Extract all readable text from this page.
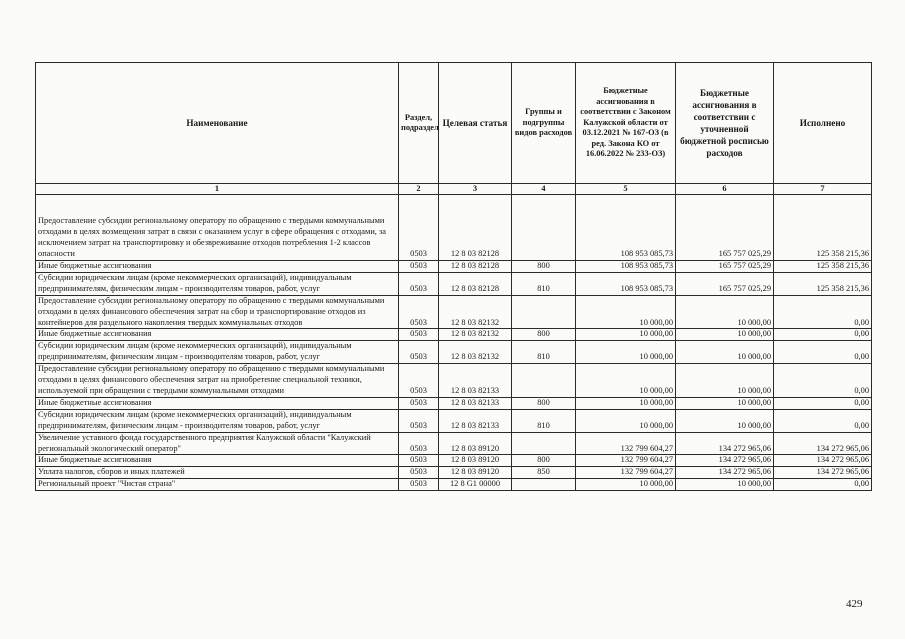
Наименование	Раздел, подраздел	Целевая статья	Группы и подгруппы видов расходов	Бюджетные ассигнования в соответствии с Законом Калужской области от 03.12.2021 № 167-ОЗ (в ред. Закона КО от 16.06.2022 № 233-ОЗ)	Бюджетные ассигнования в соответствии с уточненной бюджетной росписью расходов	Исполнено
1	2	3	4	5	6	7
Предоставление субсидии региональному оператору по обращению с твердыми коммунальными отходами в целях возмещения затрат в связи с оказанием услуг в сфере обращения с отходами, за исключением затрат на транспортировку и обезвреживание отходов потребления 1-2 классов опасности	0503	12 8 03 82128		108 953 085,73	165 757 025,29	125 358 215,36
Иные бюджетные ассигнования	0503	12 8 03 82128	800	108 953 085,73	165 757 025,29	125 358 215,36
Субсидии юридическим лицам (кроме некоммерческих организаций), индивидуальным предпринимателям, физическим лицам - производителям товаров, работ, услуг	0503	12 8 03 82128	810	108 953 085,73	165 757 025,29	125 358 215,36
Предоставление субсидии региональному оператору по обращению с твердыми коммунальными отходами в целях финансового обеспечения затрат на сбор и транспортирование отходов из контейнеров для раздельного накопления твердых коммунальных отходов	0503	12 8 03 82132		10 000,00	10 000,00	0,00
Иные бюджетные ассигнования	0503	12 8 03 82132	800	10 000,00	10 000,00	0,00
Субсидии юридическим лицам (кроме некоммерческих организаций), индивидуальным предпринимателям, физическим лицам - производителям товаров, работ, услуг	0503	12 8 03 82132	810	10 000,00	10 000,00	0,00
Предоставление субсидии региональному оператору по обращению с твердыми коммунальными отходами в целях финансового обеспечения затрат на приобретение специальной техники, используемой при обращении с твердыми коммунальными отходами	0503	12 8 03 82133		10 000,00	10 000,00	0,00
Иные бюджетные ассигнования	0503	12 8 03 82133	800	10 000,00	10 000,00	0,00
Субсидии юридическим лицам (кроме некоммерческих организаций), индивидуальным предпринимателям, физическим лицам - производителям товаров, работ, услуг	0503	12 8 03 82133	810	10 000,00	10 000,00	0,00
Увеличение уставного фонда государственного предприятия Калужской области "Калужский региональный экологический оператор"	0503	12 8 03 89120		132 799 604,27	134 272 965,06	134 272 965,06
Иные бюджетные ассигнования	0503	12 8 03 89120	800	132 799 604,27	134 272 965,06	134 272 965,06
Уплата налогов, сборов и иных платежей	0503	12 8 03 89120	850	132 799 604,27	134 272 965,06	134 272 965,06
Региональный проект "Чистая страна"	0503	12 8 G1 00000		10 000,00	10 000,00	0,00
429
